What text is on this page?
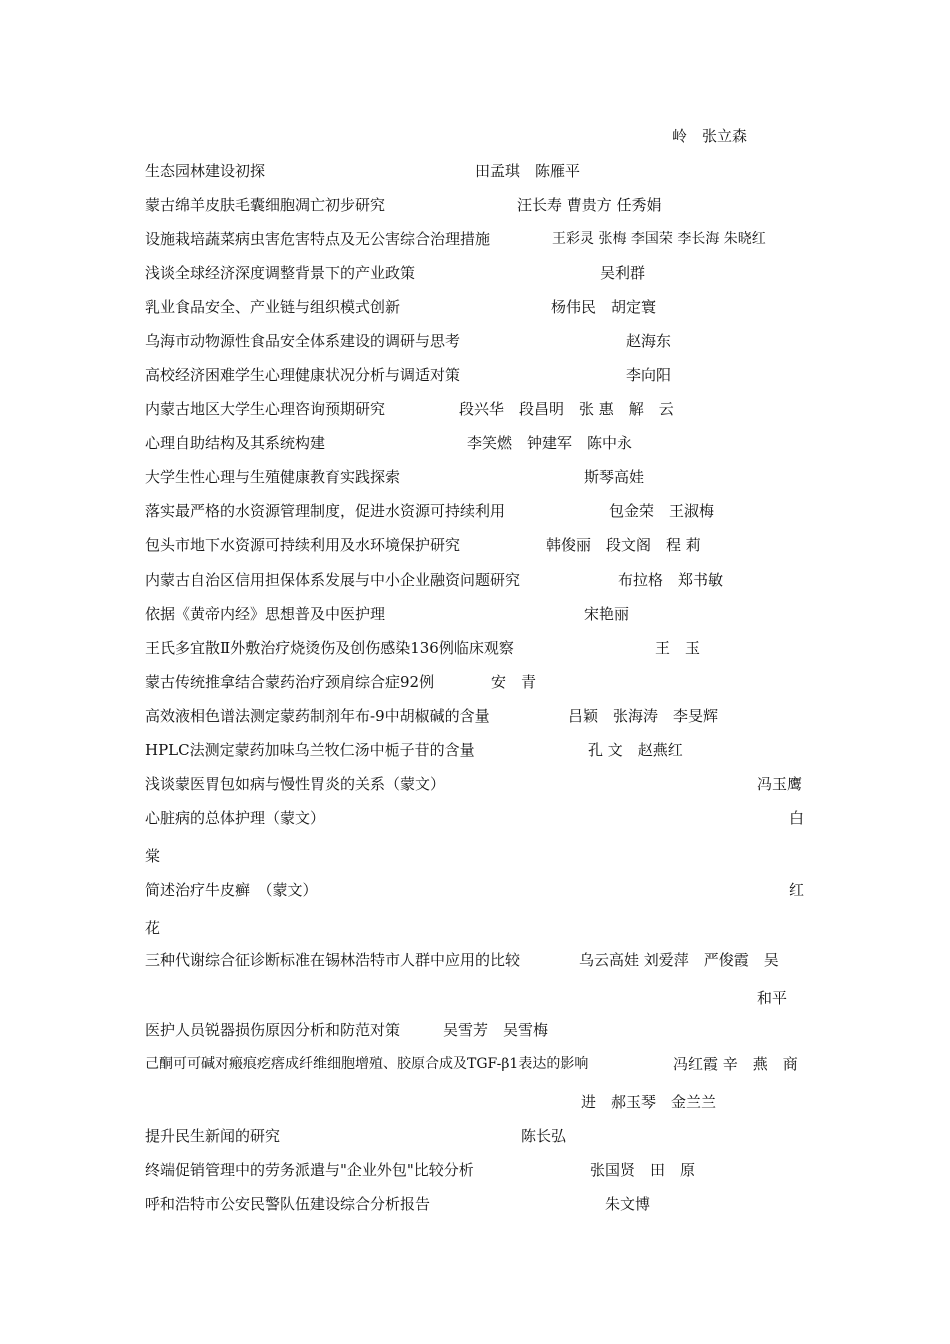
岭　张立森
生态园林建设初探	田孟琪　陈雁平
蒙古绵羊皮肤毛囊细胞凋亡初步研究	汪长寿 曹贵方 任秀娟
设施栽培蔬菜病虫害危害特点及无公害综合治理措施	王彩灵 张梅 李国荣 李长海 朱晓红
浅谈全球经济深度调整背景下的产业政策	吴利群
乳业食品安全、产业链与组织模式创新	杨伟民　胡定寰
乌海市动物源性食品安全体系建设的调研与思考	赵海东
高校经济困难学生心理健康状况分析与调适对策	李向阳
内蒙古地区大学生心理咨询预期研究	段兴华　段昌明　张 惠　解　云
心理自助结构及其系统构建	李笑燃　钟建军　陈中永
大学生性心理与生殖健康教育实践探索	斯琴高娃
落实最严格的水资源管理制度，促进水资源可持续利用	包金荣　王淑梅
包头市地下水资源可持续利用及水环境保护研究	韩俊丽　段文阁　程 莉
内蒙古自治区信用担保体系发展与中小企业融资问题研究	布拉格　郑书敏
依据《黄帝内经》思想普及中医护理	宋艳丽
王氏多宜散Ⅱ外敷治疗烧烫伤及创伤感染136例临床观察	王　玉
蒙古传统推拿结合蒙药治疗颈肩综合症92例	安　青
高效液相色谱法测定蒙药制剂年布-9中胡椒碱的含量	吕颖　张海涛　李旻辉
HPLC法测定蒙药加味乌兰牧仁汤中栀子苷的含量	孔 文　赵燕红
浅谈蒙医胃包如病与慢性胃炎的关系（蒙文）	冯玉鹰
心脏病的总体护理（蒙文）	白
棠
简述治疗牛皮癣　（蒙文）	红
花
三种代谢综合征诊断标准在锡林浩特市人群中应用的比较	乌云高娃 刘爱萍　严俊霞　吴
和平
医护人员锐器损伤原因分析和防范对策	吴雪芳　吴雪梅
己酮可可碱对瘢痕疙瘩成纤维细胞增殖、胶原合成及TGF-β1表达的影响	冯红霞 辛　燕　商
进　郝玉琴　金兰兰
提升民生新闻的研究	陈长弘
终端促销管理中的劳务派遣与"企业外包"比较分析	张国贤　田　原
呼和浩特市公安民警队伍建设综合分析报告	朱文博
